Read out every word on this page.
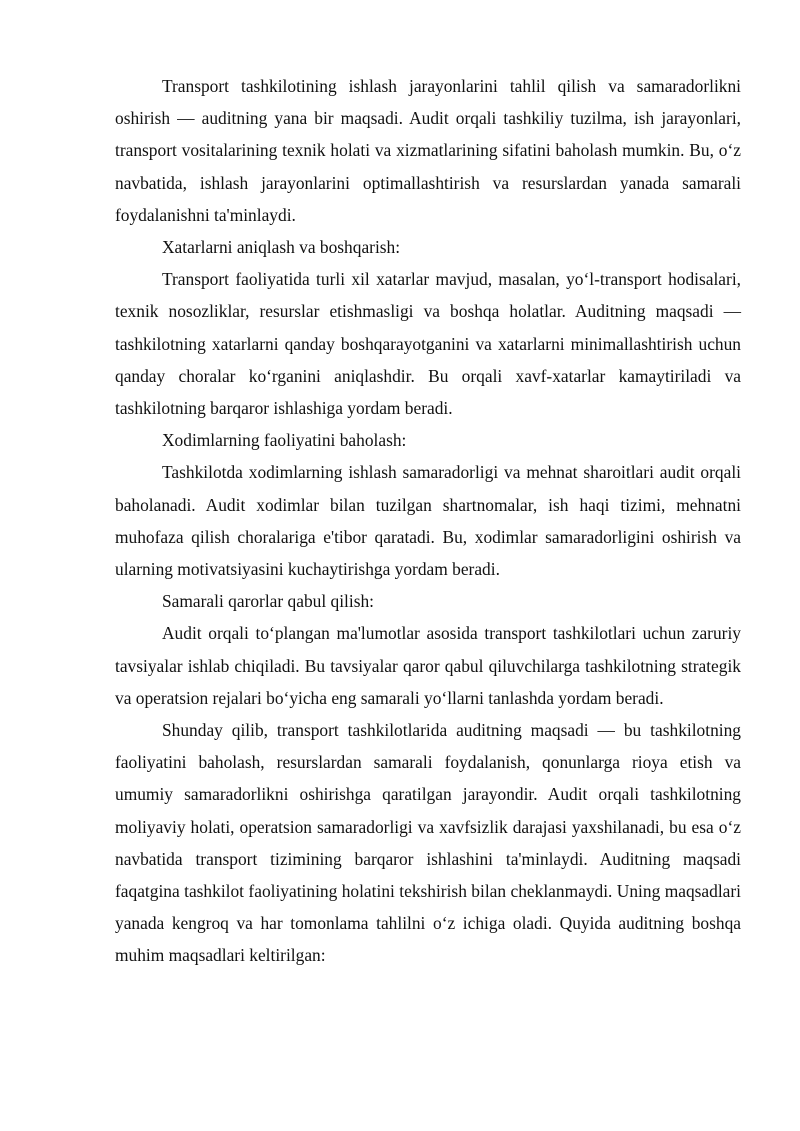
Transport tashkilotining ishlash jarayonlarini tahlil qilish va samaradorlikni oshirish — auditning yana bir maqsadi. Audit orqali tashkiliy tuzilma, ish jarayonlari, transport vositalarining texnik holati va xizmatlarining sifatini baholash mumkin. Bu, o‘z navbatida, ishlash jarayonlarini optimallashtirish va resurslardan yanada samarali foydalanishni ta'minlaydi.

Xatarlarni aniqlash va boshqarish:

Transport faoliyatida turli xil xatarlar mavjud, masalan, yo‘l-transport hodisalari, texnik nosozliklar, resurslar etishmasligi va boshqa holatlar. Auditning maqsadi — tashkilotning xatarlarni qanday boshqarayotganini va xatarlarni minimallashtirish uchun qanday choralar ko‘rganini aniqlashdir. Bu orqali xavf-xatarlar kamaytiriladi va tashkilotning barqaror ishlashiga yordam beradi.

Xodimlarning faoliyatini baholash:

Tashkilotda xodimlarning ishlash samaradorligi va mehnat sharoitlari audit orqali baholanadi. Audit xodimlar bilan tuzilgan shartnomalar, ish haqi tizimi, mehnatni muhofaza qilish choralariga e'tibor qaratadi. Bu, xodimlar samaradorligini oshirish va ularning motivatsiyasini kuchaytirishga yordam beradi.

Samarali qarorlar qabul qilish:

Audit orqali to‘plangan ma'lumotlar asosida transport tashkilotlari uchun zaruriy tavsiyalar ishlab chiqiladi. Bu tavsiyalar qaror qabul qiluvchilarga tashkilotning strategik va operatsion rejalari bo‘yicha eng samarali yo‘llarni tanlashda yordam beradi.

Shunday qilib, transport tashkilotlarida auditning maqsadi — bu tashkilotning faoliyatini baholash, resurslardan samarali foydalanish, qonunlarga rioya etish va umumiy samaradorlikni oshirishga qaratilgan jarayondir. Audit orqali tashkilotning moliyaviy holati, operatsion samaradorligi va xavfsizlik darajasi yaxshilanadi, bu esa o‘z navbatida transport tizimining barqaror ishlashini ta'minlaydi. Auditning maqsadi faqatgina tashkilot faoliyatining holatini tekshirish bilan cheklanmaydi. Uning maqsadlari yanada kengroq va har tomonlama tahlilni o‘z ichiga oladi. Quyida auditning boshqa muhim maqsadlari keltirilgan:
